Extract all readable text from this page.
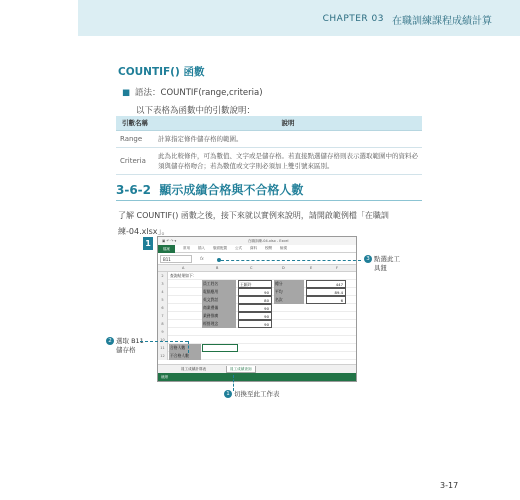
CHAPTER 03 在職訓練課程成績計算
COUNTIF() 函數
■ 語法：COUNTIF(range,criteria)
以下表格為函數中的引數說明：
引數名稱	說明
Range	計算指定條件儲存格的範圍。
Criteria	此為比較條件，可為數值、文字或是儲存格。若直接點選儲存格則表示選取範圍中的資料必須與儲存格吻合；若為數值或文字則必須加上雙引號來區別。
3-6-2 顯示成績合格與不合格人數
了解 COUNTIF() 函數之後，接下來就以實例來說明，請開啟範例檔「在職訓練-04.xlsx」。
1	▣ ↶ ↷ ▾	在職訓練-04.xlsx - Excel
檔案	常用 插入 版面配置 公式 資料 校閱 檢視
B11	fx
A	B	C	D	E	F
2	查詢結果如下：
3	員工姓名	王穎玲	總分	447
4	電腦應用	90	平均	89.4
5	英文對話	80	名次	6
6	商業禮儀	90
7	業務推廣	90
8	經營理念	90
9
10
11	合格人數
12	不合格人數
員工成績計算表	員工成績查詢
就緒
3 點選此工
具鈕
2 選取 B11
儲存格
1 切換至此工作表
3-17
